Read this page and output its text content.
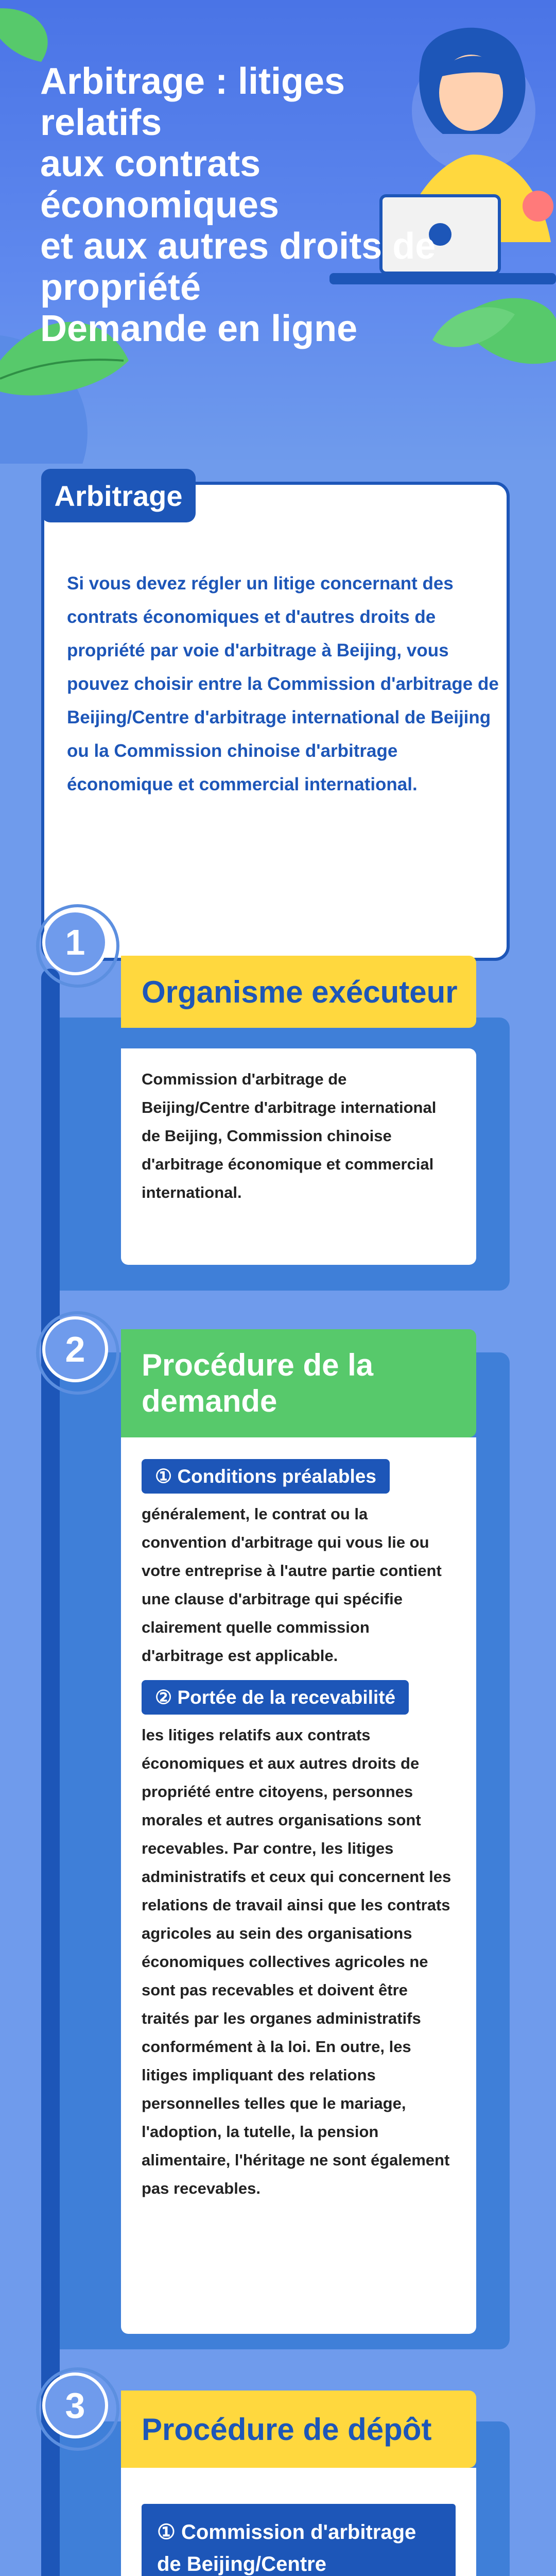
Arbitrage : litiges relatifs
aux contrats économiques
et aux autres droits de
propriété
Demande en ligne
Arbitrage
Si vous devez régler un litige concernant des contrats économiques et d'autres droits de propriété par voie d'arbitrage à Beijing, vous pouvez choisir entre la Commission d'arbitrage de Beijing/Centre d'arbitrage international de Beijing ou la Commission chinoise d'arbitrage économique et commercial international.
1
Organisme exécuteur

Commission d'arbitrage de Beijing/Centre d'arbitrage international de Beijing, Commission chinoise d'arbitrage économique et commercial international.

2	Procédure de la demande
① Conditions préalables

généralement, le contrat ou la convention d'arbitrage qui vous lie ou votre entreprise à l'autre partie contient une clause d'arbitrage qui spécifie clairement quelle commission d'arbitrage est applicable.

② Portée de la recevabilité

les litiges relatifs aux contrats économiques et aux autres droits de propriété entre citoyens, personnes morales et autres organisations sont recevables. Par contre, les litiges administratifs et ceux qui concernent les relations de travail ainsi que les contrats agricoles au sein des organisations économiques collectives agricoles ne sont pas recevables et doivent être traités par les organes administratifs conformément à la loi. En outre, les litiges impliquant des relations personnelles telles que le mariage, l'adoption, la tutelle, la pension alimentaire, l'héritage ne sont également pas recevables.

3
Procédure de dépôt
① Commission d'arbitrage de Beijing/Centre
